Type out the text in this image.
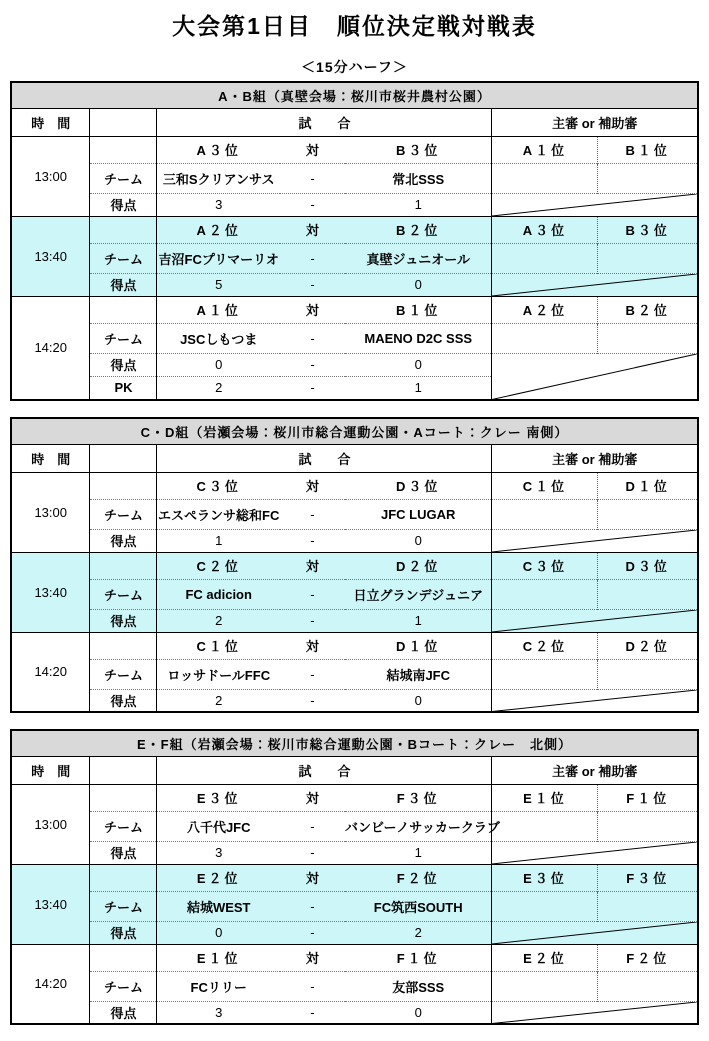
大会第1日目　順位決定戦対戦表
＜15分ハーフ＞
A・B組（真壁会場：桜川市桜井農村公園）						
時　間		試　　合			主審 or 補助審	
13:00		A３位	対	B３位	A１位	B１位
	チーム	三和Sクリアンサス	-	常北SSS		
	得点	3	-	1	

13:40		A２位	対	B２位	A３位	B３位
	チーム	吉沼FCプリマーリオ	-	真壁ジュニオール		
	得点	5	-	0	

14:20		A１位	対	B１位	A２位	B２位
	チーム	JSCしもつま	-	MAENO D2C SSS		
	得点	0	-	0	

	PK	2	-	1		
C・D組（岩瀬会場：桜川市総合運動公園・Aコート：クレー 南側）						
時　間		試　　合			主審 or 補助審	
13:00		C３位	対	D３位	C１位	D１位
	チーム	エスペランサ総和FC	-	JFC LUGAR		
	得点	1	-	0	

13:40		C２位	対	D２位	C３位	D３位
	チーム	FC adicion	-	日立グランデジュニア		
	得点	2	-	1	

14:20		C１位	対	D１位	C２位	D２位
	チーム	ロッサドールFFC	-	結城南JFC		
	得点	2	-	0	
E・F組（岩瀬会場：桜川市総合運動公園・Bコート：クレー　北側）						
時　間		試　　合			主審 or 補助審	
13:00		E３位	対	F３位	E１位	F１位
	チーム	八千代JFC	-	バンビーノサッカークラブ		
	得点	3	-	1	

13:40		E２位	対	F２位	E３位	F３位
	チーム	結城WEST	-	FC筑西SOUTH		
	得点	0	-	2	

14:20		E１位	対	F１位	E２位	F２位
	チーム	FCリリー	-	友部SSS		
	得点	3	-	0	
